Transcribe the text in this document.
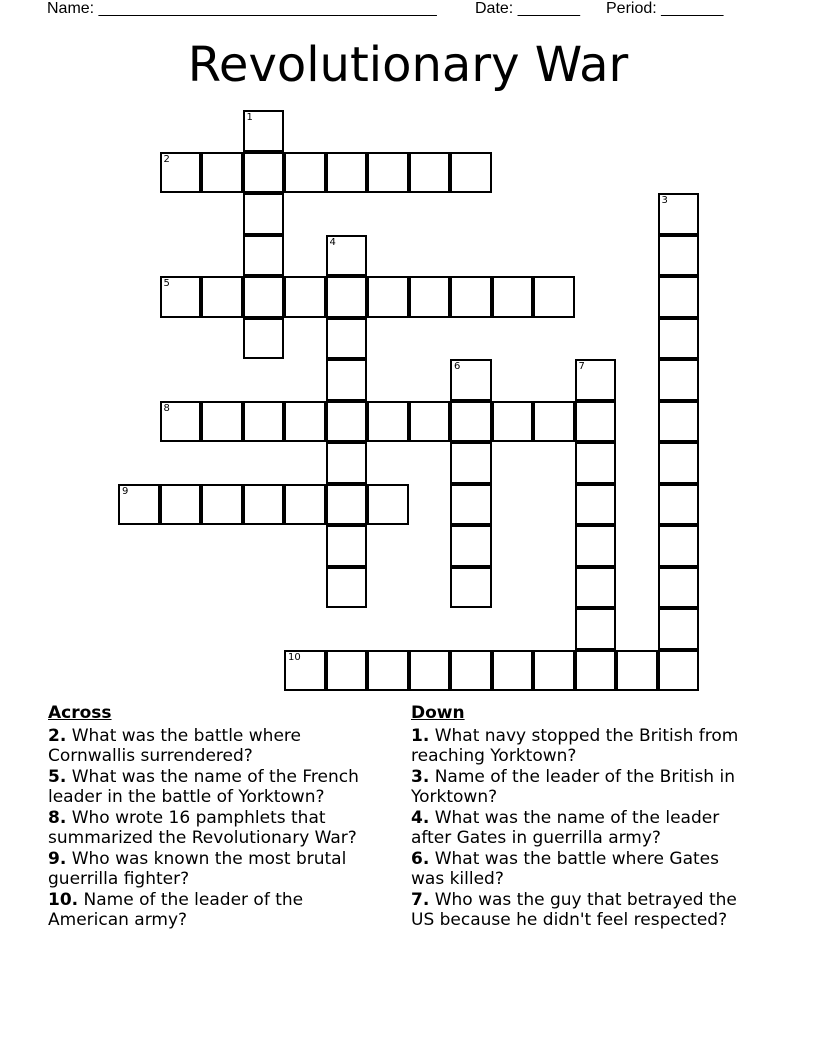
Name: ______________________________________ Date: _______ Period: _______
Revolutionary War
1
2
3
4
5
6	7
8
9
10
Across
2. What was the battle where Cornwallis surrendered?
5. What was the name of the French leader in the battle of Yorktown?
8. Who wrote 16 pamphlets that summarized the Revolutionary War?
9. Who was known the most brutal guerrilla fighter?
10. Name of the leader of the American army?
Down
1. What navy stopped the British from reaching Yorktown?
3. Name of the leader of the British in Yorktown?
4. What was the name of the leader after Gates in guerrilla army?
6. What was the battle where Gates was killed?
7. Who was the guy that betrayed the US because he didn't feel respected?
